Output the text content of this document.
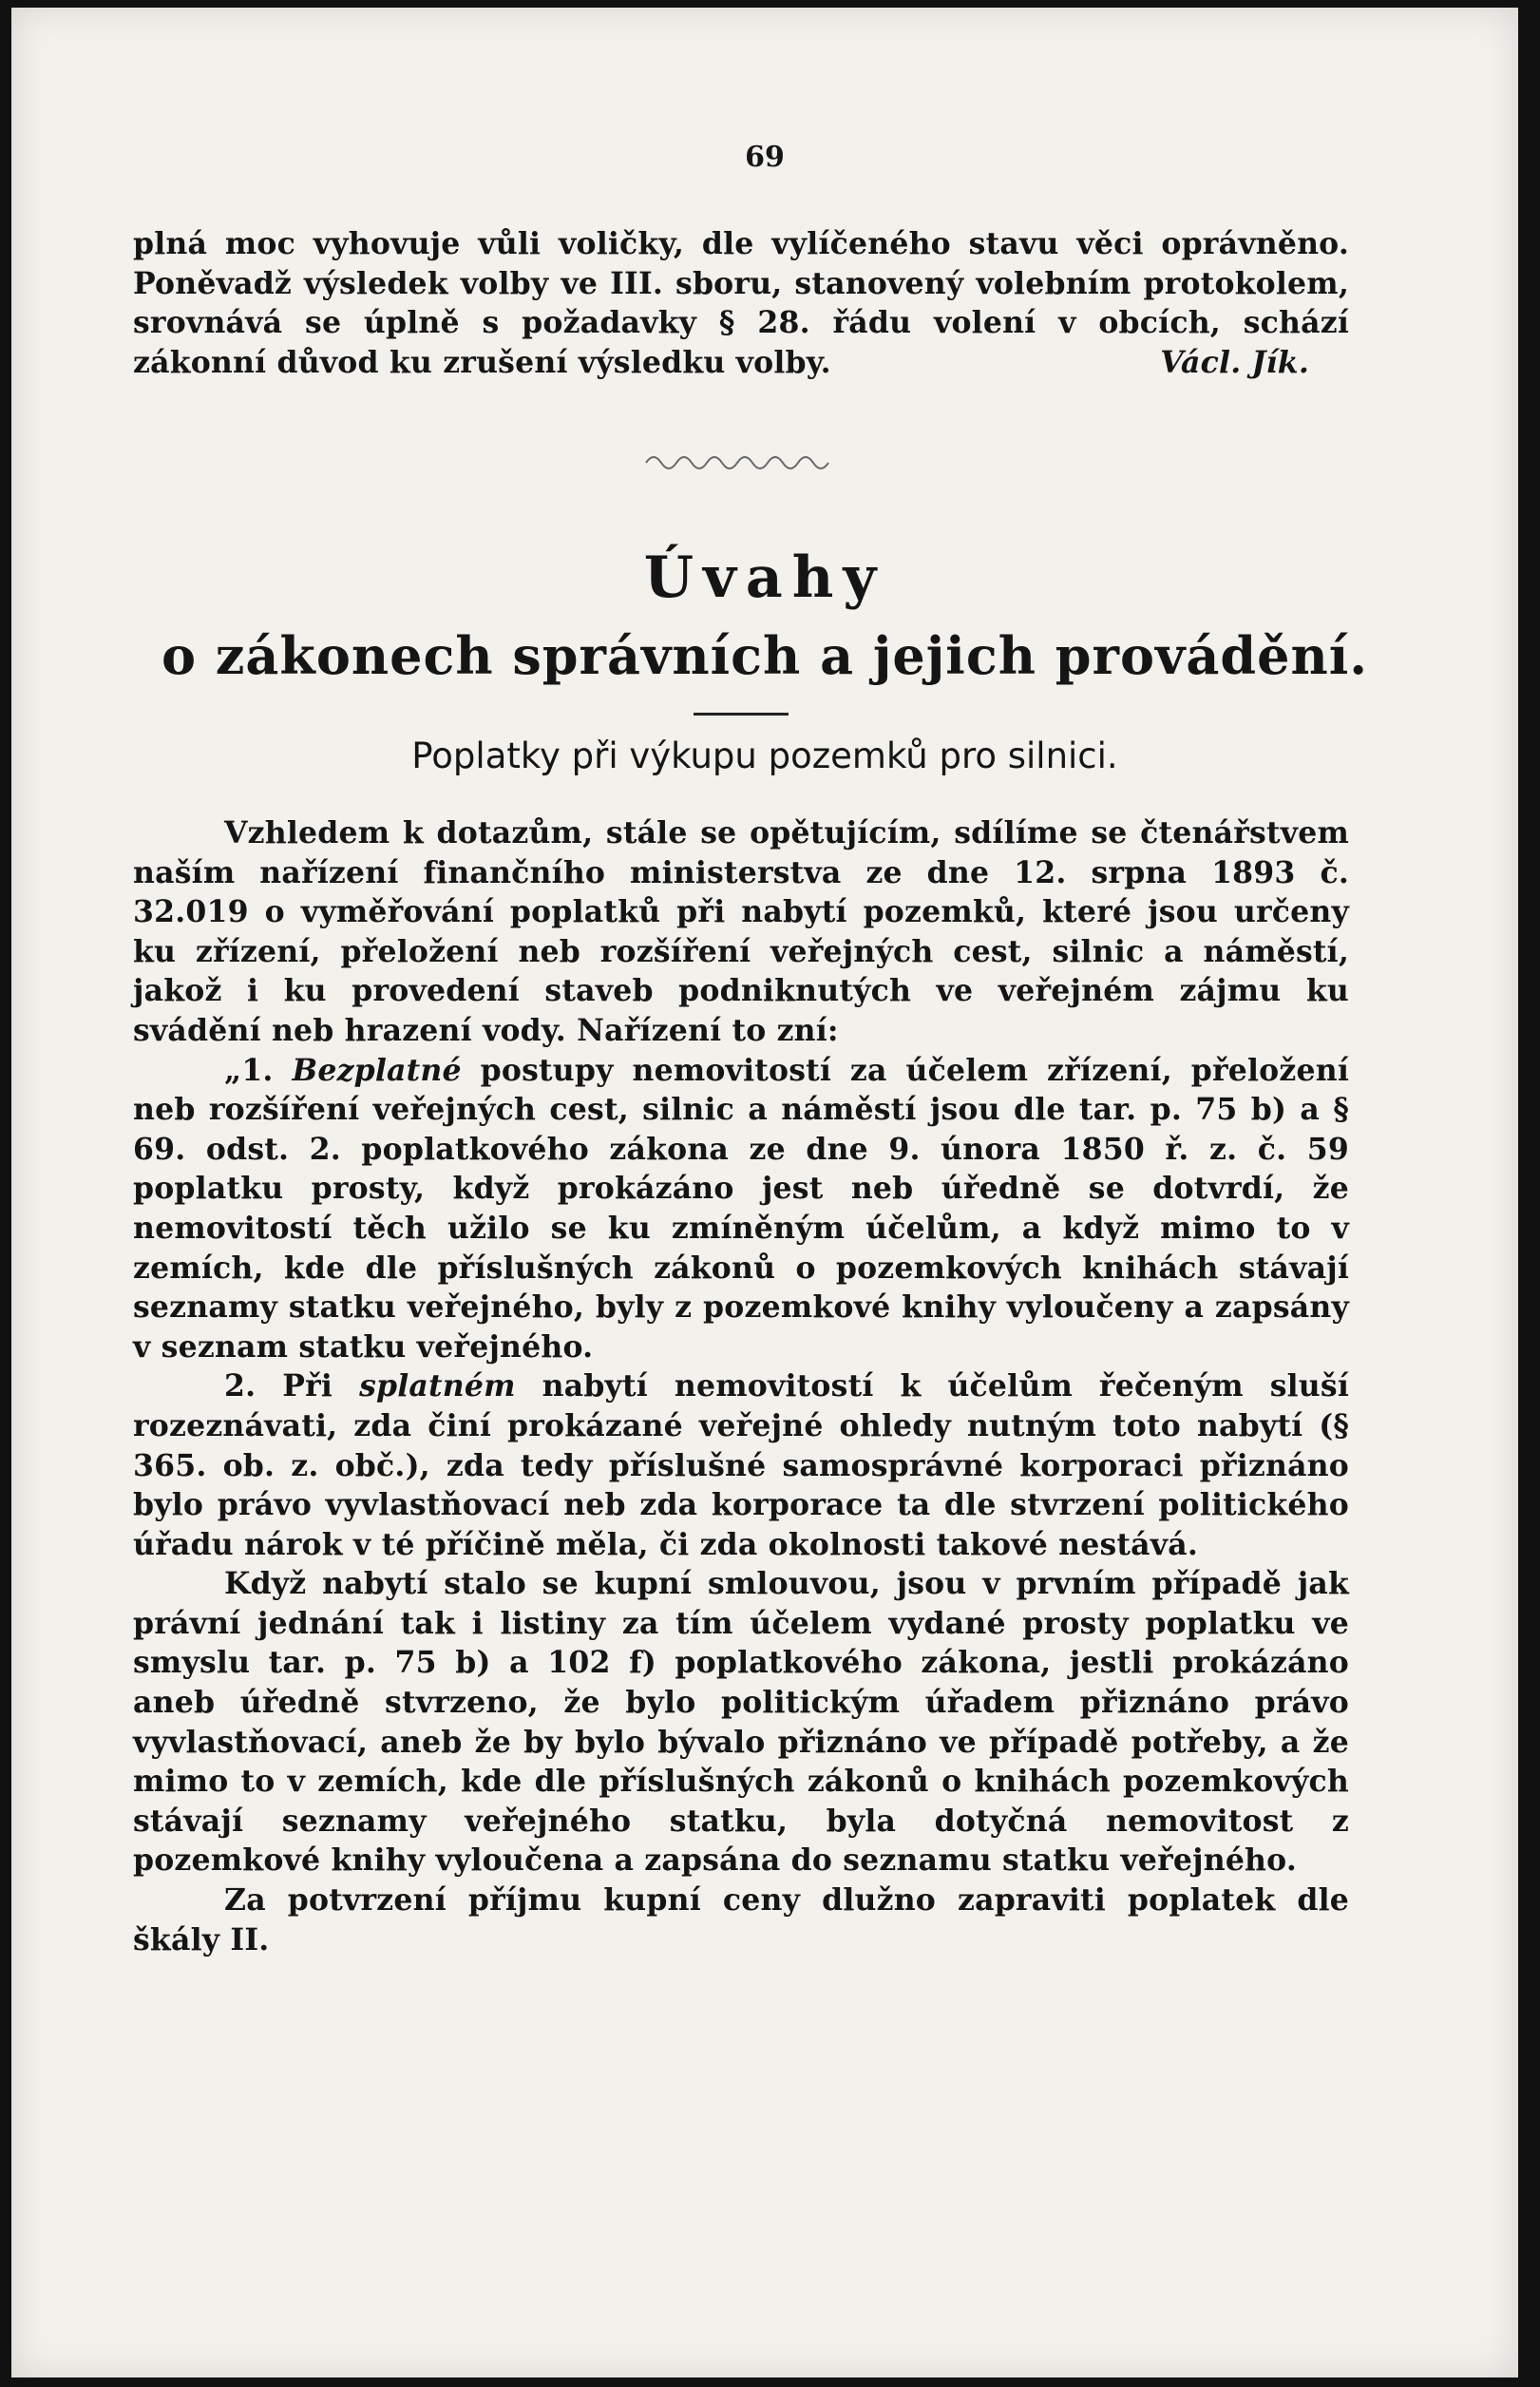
69

plná moc vyhovuje vůli voličky, dle vylíčeného stavu věci oprávněno. Poněvadž výsledek volby ve III. sboru, stanovený volebním protokolem, srovnává se úplně s požadavky § 28. řádu volení v obcích, schází zákonní důvod ku zrušení výsledku volby.	Václ. Jík.

Úvahy
o zákonech správních a jejich provádění.
Poplatky při výkupu pozemků pro silnici.

Vzhledem k dotazům, stále se opětujícím, sdílíme se čtenářstvem naším nařízení finančního ministerstva ze dne 12. srpna 1893 č. 32.019 o vyměřování poplatků při nabytí pozemků, které jsou určeny ku zřízení, přeložení neb rozšíření veřejných cest, silnic a náměstí, jakož i ku provedení staveb podniknutých ve veřejném zájmu ku svádění neb hrazení vody. Nařízení to zní:

„1. Bezplatné postupy nemovitostí za účelem zřízení, přeložení neb rozšíření veřejných cest, silnic a náměstí jsou dle tar. p. 75 b) a § 69. odst. 2. poplatkového zákona ze dne 9. února 1850 ř. z. č. 59 poplatku prosty, když prokázáno jest neb úředně se dotvrdí, že nemovitostí těch užilo se ku zmíněným účelům, a když mimo to v zemích, kde dle příslušných zákonů o pozemkových knihách stávají seznamy statku veřejného, byly z pozemkové knihy vyloučeny a zapsány v seznam statku veřejného.

2. Při splatném nabytí nemovitostí k účelům řečeným sluší rozeznávati, zda činí prokázané veřejné ohledy nutným toto nabytí (§ 365. ob. z. obč.), zda tedy příslušné samosprávné korporaci přiznáno bylo právo vyvlastňovací neb zda korporace ta dle stvrzení politického úřadu nárok v té příčině měla, či zda okolnosti takové nestává.

Když nabytí stalo se kupní smlouvou, jsou v prvním případě jak právní jednání tak i listiny za tím účelem vydané prosty poplatku ve smyslu tar. p. 75 b) a 102 f) poplatkového zákona, jestli prokázáno aneb úředně stvrzeno, že bylo politickým úřadem přiznáno právo vyvlastňovací, aneb že by bylo bývalo přiznáno ve případě potřeby, a že mimo to v zemích, kde dle příslušných zákonů o knihách pozemkových stávají seznamy veřejného statku, byla dotyčná nemovitost z pozemkové knihy vyloučena a zapsána do seznamu statku veřejného.

Za potvrzení příjmu kupní ceny dlužno zapraviti poplatek dle škály II.
